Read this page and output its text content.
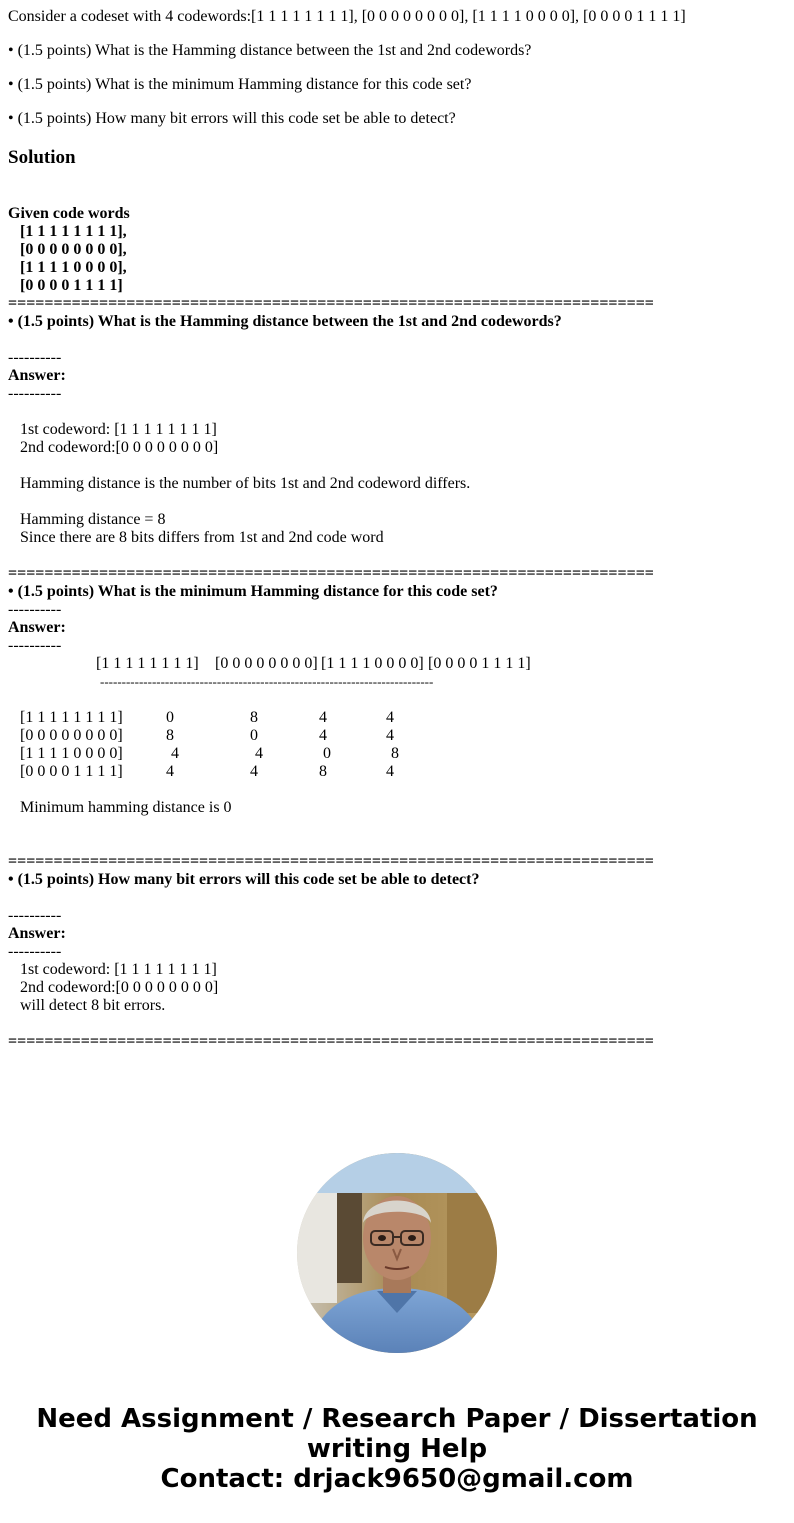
Consider a codeset with 4 codewords:[1 1 1 1 1 1 1 1], [0 0 0 0 0 0 0 0], [1 1 1 1 0 0 0 0], [0 0 0 0 1 1 1 1]
• (1.5 points) What is the Hamming distance between the 1st and 2nd codewords?
• (1.5 points) What is the minimum Hamming distance for this code set?
• (1.5 points) How many bit errors will this code set be able to detect?
Solution
Given code words
[1 1 1 1 1 1 1 1],
[0 0 0 0 0 0 0 0],
[1 1 1 1 0 0 0 0],
[0 0 0 0 1 1 1 1]
=======================================================================
• (1.5 points) What is the Hamming distance between the 1st and 2nd codewords?
----------
Answer:
----------
1st codeword: [1 1 1 1 1 1 1 1]
2nd codeword:[0 0 0 0 0 0 0 0]
Hamming distance is the number of bits 1st and 2nd codeword differs.
Hamming distance = 8
Since there are 8 bits differs from 1st and 2nd code word
=======================================================================
• (1.5 points) What is the minimum Hamming distance for this code set?
----------
Answer:
----------
[1 1 1 1 1 1 1 1] [0 0 0 0 0 0 0 0] [1 1 1 1 0 0 0 0] [0 0 0 0 1 1 1 1]
-----------------------------------------------------------------------------
[1 1 1 1 1 1 1 1]	0	8	4	4
[0 0 0 0 0 0 0 0]	8	0	4	4
[1 1 1 1 0 0 0 0]	4	4	0	8
[0 0 0 0 1 1 1 1]	4	4	8	4
Minimum hamming distance is 0
=======================================================================
• (1.5 points) How many bit errors will this code set be able to detect?
----------
Answer:
----------
1st codeword: [1 1 1 1 1 1 1 1]
2nd codeword:[0 0 0 0 0 0 0 0]
will detect 8 bit errors.
=======================================================================
Need Assignment / Research Paper / Dissertation
writing Help
Contact: drjack9650@gmail.com
